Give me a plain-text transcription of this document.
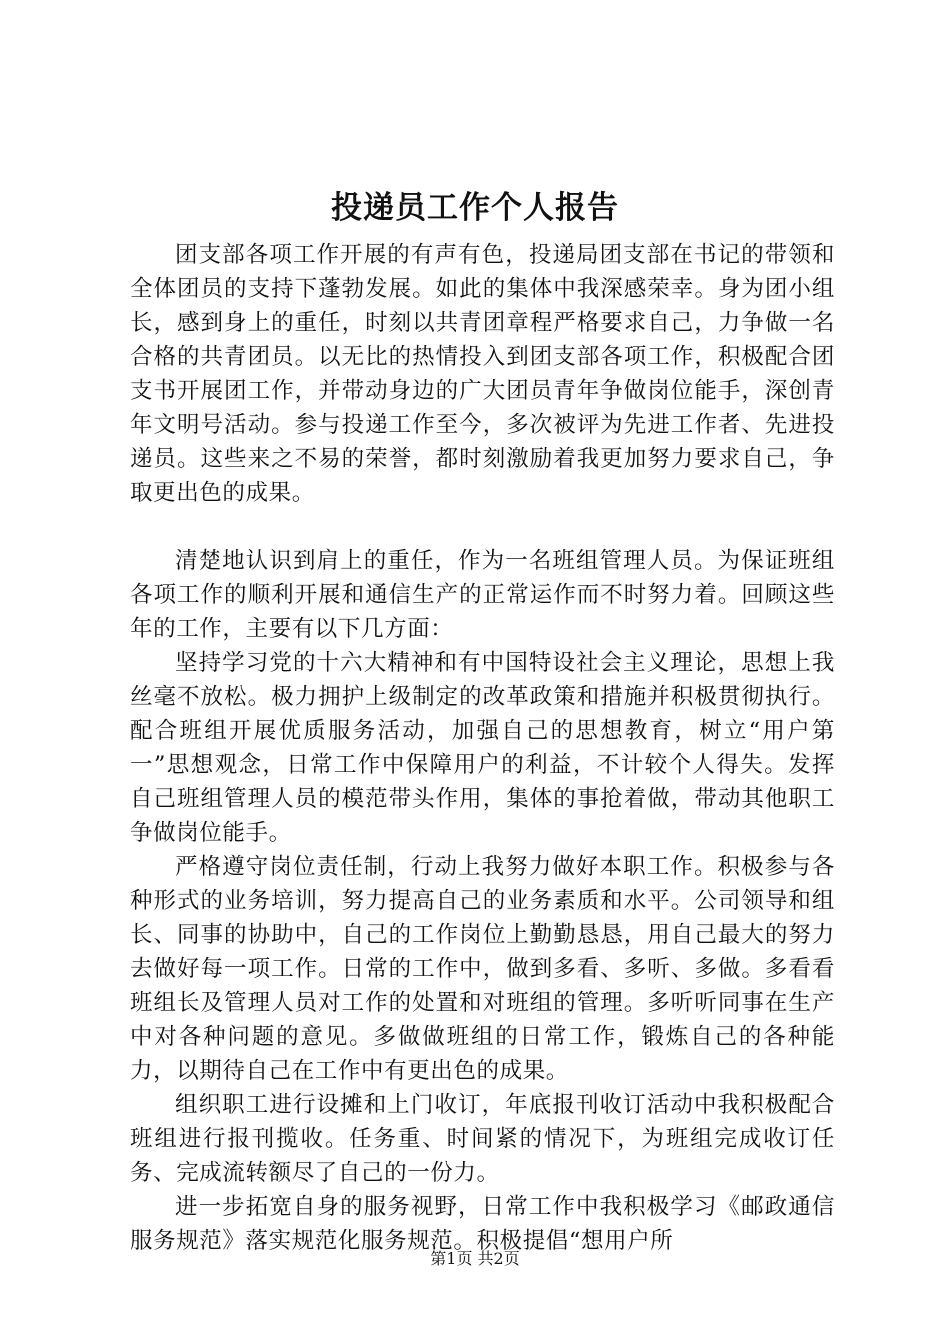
投递员工作个人报告

团支部各项工作开展的有声有色，投递局团支部在书记的带领和全体团员的支持下蓬勃发展。如此的集体中我深感荣幸。身为团小组长，感到身上的重任，时刻以共青团章程严格要求自己，力争做一名合格的共青团员。以无比的热情投入到团支部各项工作，积极配合团支书开展团工作，并带动身边的广大团员青年争做岗位能手，深创青年文明号活动。参与投递工作至今，多次被评为先进工作者、先进投递员。这些来之不易的荣誉，都时刻激励着我更加努力要求自己，争取更出色的成果。

清楚地认识到肩上的重任，作为一名班组管理人员。为保证班组各项工作的顺利开展和通信生产的正常运作而不时努力着。回顾这些年的工作，主要有以下几方面：

坚持学习党的十六大精神和有中国特设社会主义理论，思想上我丝毫不放松。极力拥护上级制定的改革政策和措施并积极贯彻执行。配合班组开展优质服务活动，加强自己的思想教育，树立“用户第一”思想观念，日常工作中保障用户的利益，不计较个人得失。发挥自己班组管理人员的模范带头作用，集体的事抢着做，带动其他职工争做岗位能手。

严格遵守岗位责任制，行动上我努力做好本职工作。积极参与各种形式的业务培训，努力提高自己的业务素质和水平。公司领导和组长、同事的协助中，自己的工作岗位上勤勤恳恳，用自己最大的努力去做好每一项工作。日常的工作中，做到多看、多听、多做。多看看班组长及管理人员对工作的处置和对班组的管理。多听听同事在生产中对各种问题的意见。多做做班组的日常工作，锻炼自己的各种能力，以期待自己在工作中有更出色的成果。

组织职工进行设摊和上门收订，年底报刊收订活动中我积极配合班组进行报刊揽收。任务重、时间紧的情况下，为班组完成收订任务、完成流转额尽了自己的一份力。

进一步拓宽自身的服务视野，日常工作中我积极学习《邮政通信服务规范》落实规范化服务规范。积极提倡“想用户所

第1页 共2页
